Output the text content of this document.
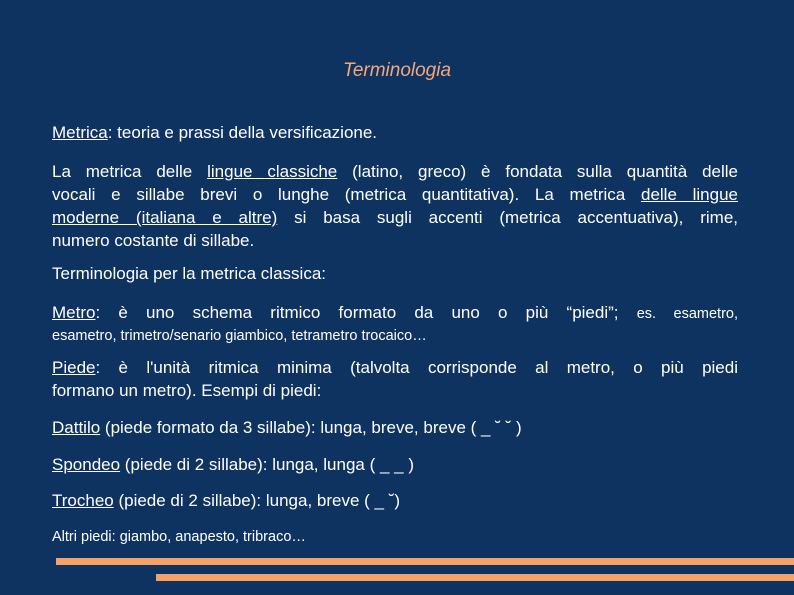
Terminologia
Metrica: teoria e prassi della versificazione.
La metrica delle lingue classiche (latino, greco) è fondata sulla quantità delle
vocali e sillabe brevi o lunghe (metrica quantitativa). La metrica delle lingue
moderne (italiana e altre) si basa sugli accenti (metrica accentuativa), rime,
numero costante di sillabe.
Terminologia per la metrica classica:
Metro: è uno schema ritmico formato da uno o più “piedi”; es. esametro,
esametro, trimetro/senario giambico, tetrametro trocaico…
Piede: è l'unità ritmica minima (talvolta corrisponde al metro, o più piedi
formano un metro). Esempi di piedi:
Dattilo (piede formato da 3 sillabe): lunga, breve, breve ( _ ˘ ˘ )
Spondeo (piede di 2 sillabe): lunga, lunga ( _ _ )
Trocheo (piede di 2 sillabe): lunga, breve ( _ ˘)
Altri piedi: giambo, anapesto, tribraco…
